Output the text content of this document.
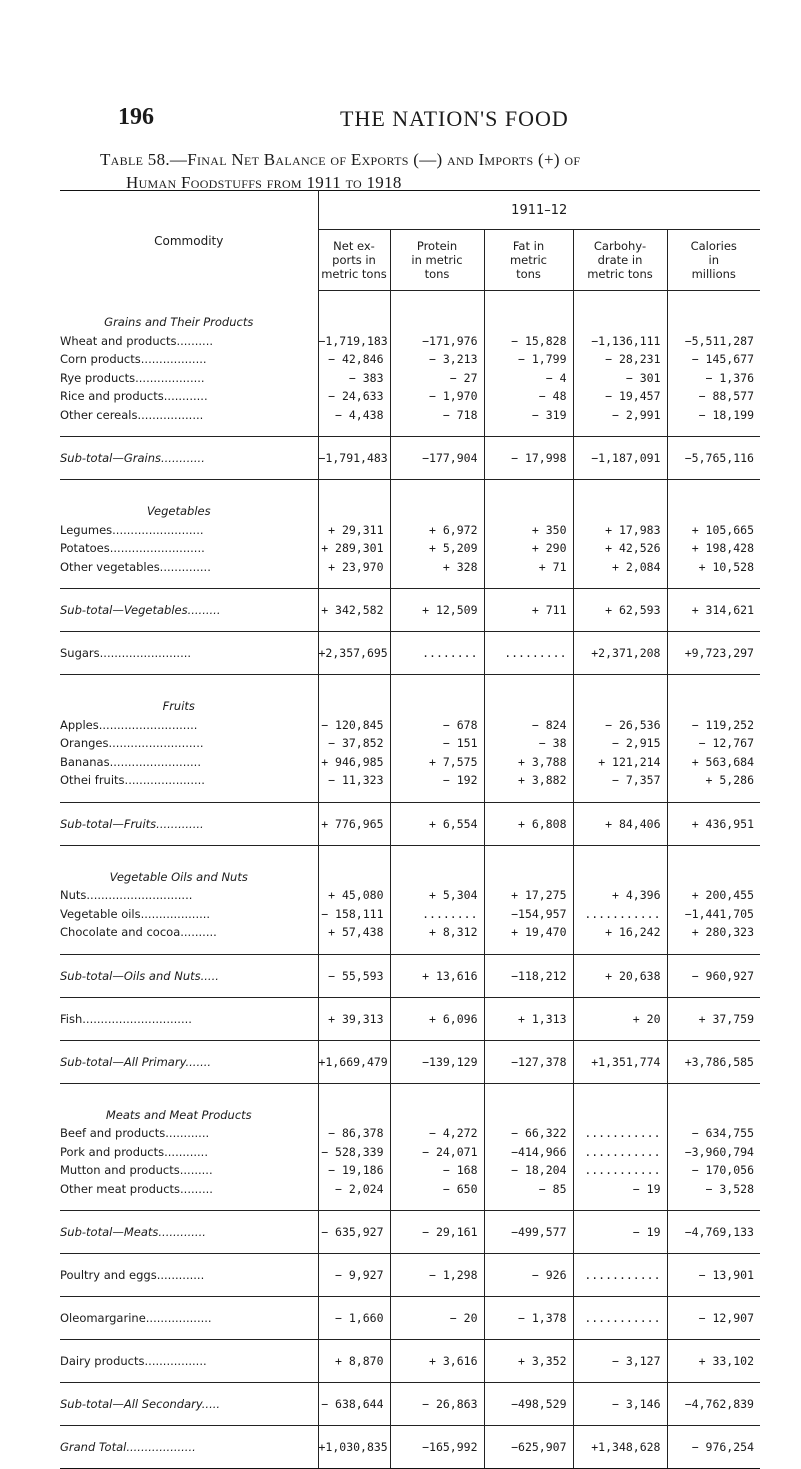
196	THE NATION'S FOOD
Table 58.—Final Net Balance of Exports (—) and Imports (+) of
Human Foodstuffs from 1911 to 1918
Commodity	1911–12				
	Net ex-
ports in
metric tons	Protein
in metric
tons	Fat in
metric
tons	Carbohy-
drate in
metric tons	Calories
in
millions
Grains and Their Products					
Wheat and products..........	−1,719,183	−171,976	− 15,828	−1,136,111	−5,511,287
Corn products..................	− 42,846	− 3,213	− 1,799	− 28,231	− 145,677
Rye products...................	− 383	− 27	− 4	− 301	− 1,376
Rice and products............	− 24,633	− 1,970	− 48	− 19,457	− 88,577
Other cereals..................	− 4,438	− 718	− 319	− 2,991	− 18,199
Sub-total—Grains............	−1,791,483	−177,904	− 17,998	−1,187,091	−5,765,116
Vegetables					
Legumes.........................	+ 29,311	+ 6,972	+ 350	+ 17,983	+ 105,665
Potatoes..........................	+ 289,301	+ 5,209	+ 290	+ 42,526	+ 198,428
Other vegetables..............	+ 23,970	+ 328	+ 71	+ 2,084	+ 10,528
Sub-total—Vegetables.........	+ 342,582	+ 12,509	+ 711	+ 62,593	+ 314,621
Sugars.........................	+2,357,695	........	.........	+2,371,208	+9,723,297
Fruits					
Apples...........................	− 120,845	− 678	− 824	− 26,536	− 119,252
Oranges..........................	− 37,852	− 151	− 38	− 2,915	− 12,767
Bananas.........................	+ 946,985	+ 7,575	+ 3,788	+ 121,214	+ 563,684
Othei fruits......................	− 11,323	− 192	+ 3,882	− 7,357	+ 5,286
Sub-total—Fruits.............	+ 776,965	+ 6,554	+ 6,808	+ 84,406	+ 436,951
Vegetable Oils and Nuts					
Nuts.............................	+ 45,080	+ 5,304	+ 17,275	+ 4,396	+ 200,455
Vegetable oils...................	− 158,111	........	−154,957	...........	−1,441,705
Chocolate and cocoa..........	+ 57,438	+ 8,312	+ 19,470	+ 16,242	+ 280,323
Sub-total—Oils and Nuts.....	− 55,593	+ 13,616	−118,212	+ 20,638	− 960,927
Fish..............................	+ 39,313	+ 6,096	+ 1,313	+ 20	+ 37,759
Sub-total—All Primary.......	+1,669,479	−139,129	−127,378	+1,351,774	+3,786,585
Meats and Meat Products					
Beef and products............	− 86,378	− 4,272	− 66,322	...........	− 634,755
Pork and products............	− 528,339	− 24,071	−414,966	...........	−3,960,794
Mutton and products.........	− 19,186	− 168	− 18,204	...........	− 170,056
Other meat products.........	− 2,024	− 650	− 85	− 19	− 3,528
Sub-total—Meats.............	− 635,927	− 29,161	−499,577	− 19	−4,769,133
Poultry and eggs.............	− 9,927	− 1,298	− 926	...........	− 13,901
Oleomargarine..................	− 1,660	− 20	− 1,378	...........	− 12,907
Dairy products.................	+ 8,870	+ 3,616	+ 3,352	− 3,127	+ 33,102
Sub-total—All Secondary.....	− 638,644	− 26,863	−498,529	− 3,146	−4,762,839
Grand Total...................	+1,030,835	−165,992	−625,907	+1,348,628	− 976,254
